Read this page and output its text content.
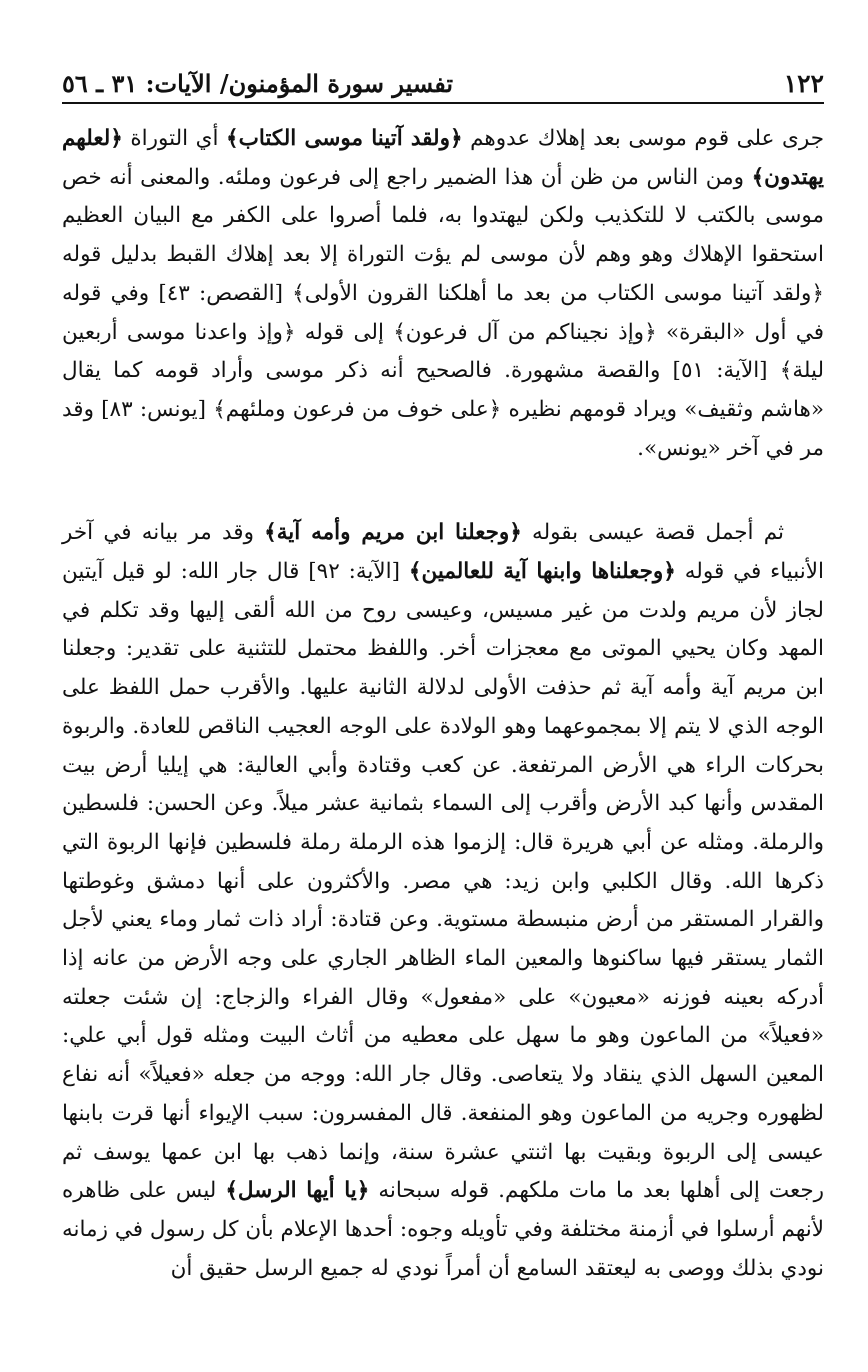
١٢٢
تفسير سورة المؤمنون/ الآيات: ٣١ ـ ٥٦

جرى على قوم موسى بعد إهلاك عدوهم ﴿ولقد آتينا موسى الكتاب﴾ أي التوراة ﴿لعلهم يهتدون﴾ ومن الناس من ظن أن هذا الضمير راجع إلى فرعون وملئه. والمعنى أنه خص موسى بالكتب لا للتكذيب ولكن ليهتدوا به، فلما أصروا على الكفر مع البيان العظيم استحقوا الإهلاك وهو وهم لأن موسى لم يؤت التوراة إلا بعد إهلاك القبط بدليل قوله ﴿ولقد آتينا موسى الكتاب من بعد ما أهلكنا القرون الأولى﴾ [القصص: ٤٣] وفي قوله في أول «البقرة» ﴿وإذ نجيناكم من آل فرعون﴾ إلى قوله ﴿وإذ واعدنا موسى أربعين ليلة﴾ [الآية: ٥١] والقصة مشهورة. فالصحيح أنه ذكر موسى وأراد قومه كما يقال «هاشم وثقيف» ويراد قومهم نظيره ﴿على خوف من فرعون وملئهم﴾ [يونس: ٨٣] وقد مر في آخر «يونس».

ثم أجمل قصة عيسى بقوله ﴿وجعلنا ابن مريم وأمه آية﴾ وقد مر بيانه في آخر الأنبياء في قوله ﴿وجعلناها وابنها آية للعالمين﴾ [الآية: ٩٢] قال جار الله: لو قيل آيتين لجاز لأن مريم ولدت من غير مسيس، وعيسى روح من الله ألقى إليها وقد تكلم في المهد وكان يحيي الموتى مع معجزات أخر. واللفظ محتمل للتثنية على تقدير: وجعلنا ابن مريم آية وأمه آية ثم حذفت الأولى لدلالة الثانية عليها. والأقرب حمل اللفظ على الوجه الذي لا يتم إلا بمجموعهما وهو الولادة على الوجه العجيب الناقص للعادة. والربوة بحركات الراء هي الأرض المرتفعة. عن كعب وقتادة وأبي العالية: هي إيليا أرض بيت المقدس وأنها كبد الأرض وأقرب إلى السماء بثمانية عشر ميلاً. وعن الحسن: فلسطين والرملة. ومثله عن أبي هريرة قال: إلزموا هذه الرملة رملة فلسطين فإنها الربوة التي ذكرها الله. وقال الكلبي وابن زيد: هي مصر. والأكثرون على أنها دمشق وغوطتها والقرار المستقر من أرض منبسطة مستوية. وعن قتادة: أراد ذات ثمار وماء يعني لأجل الثمار يستقر فيها ساكنوها والمعين الماء الظاهر الجاري على وجه الأرض من عانه إذا أدركه بعينه فوزنه «معيون» على «مفعول» وقال الفراء والزجاج: إن شئت جعلته «فعيلاً» من الماعون وهو ما سهل على معطيه من أثاث البيت ومثله قول أبي علي: المعين السهل الذي ينقاد ولا يتعاصى. وقال جار الله: ووجه من جعله «فعيلاً» أنه نفاع لظهوره وجريه من الماعون وهو المنفعة. قال المفسرون: سبب الإيواء أنها قرت بابنها عيسى إلى الربوة وبقيت بها اثنتي عشرة سنة، وإنما ذهب بها ابن عمها يوسف ثم رجعت إلى أهلها بعد ما مات ملكهم. قوله سبحانه ﴿يا أيها الرسل﴾ ليس على ظاهره لأنهم أرسلوا في أزمنة مختلفة وفي تأويله وجوه: أحدها الإعلام بأن كل رسول في زمانه نودي بذلك ووصى به ليعتقد السامع أن أمراً نودي له جميع الرسل حقيق أن
